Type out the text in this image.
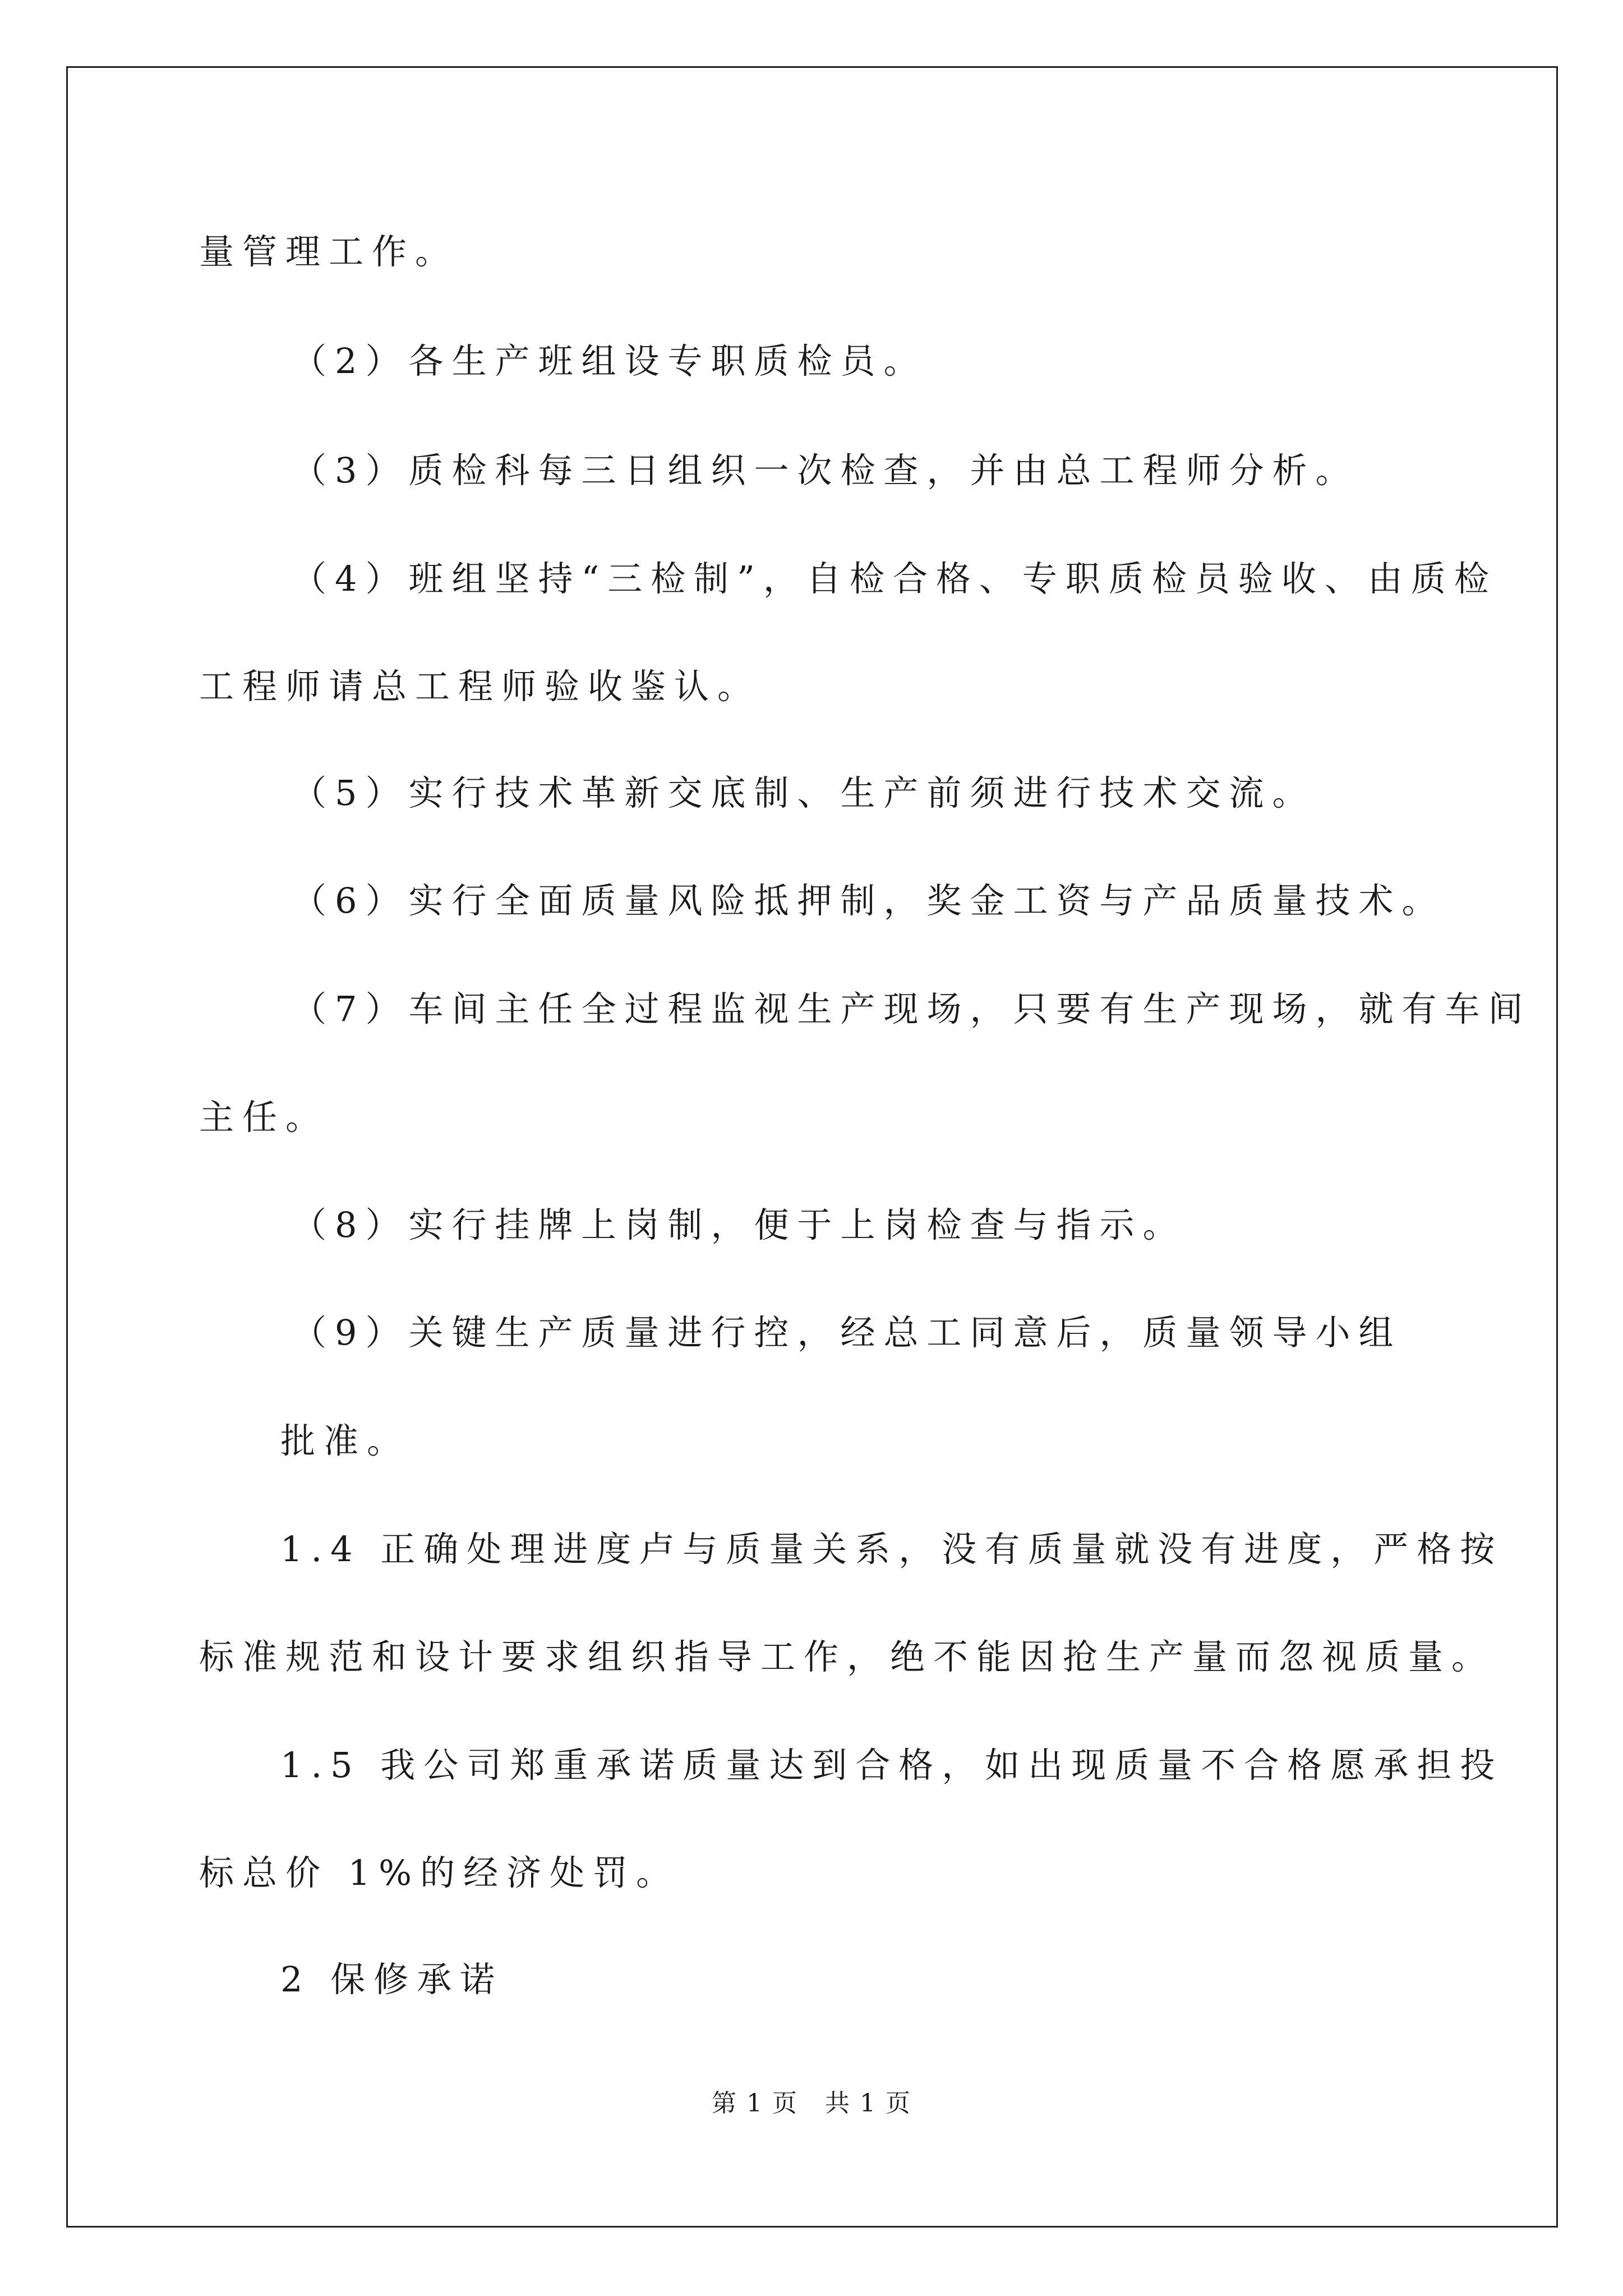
量管理工作。
（2）各生产班组设专职质检员。
（3）质检科每三日组织一次检查，并由总工程师分析。
（4）班组坚持“三检制”，自检合格、专职质检员验收、由质检
工程师请总工程师验收鉴认。
（5）实行技术革新交底制、生产前须进行技术交流。
（6）实行全面质量风险抵押制，奖金工资与产品质量技术。
（7）车间主任全过程监视生产现场，只要有生产现场，就有车间
主任。
（8）实行挂牌上岗制，便于上岗检查与指示。
（9）关键生产质量进行控，经总工同意后，质量领导小组
批准。
1.4 正确处理进度卢与质量关系，没有质量就没有进度，严格按
标准规范和设计要求组织指导工作，绝不能因抢生产量而忽视质量。
1.5 我公司郑重承诺质量达到合格，如出现质量不合格愿承担投
标总价 1%的经济处罚。
2 保修承诺
第 1 页   共 1 页
